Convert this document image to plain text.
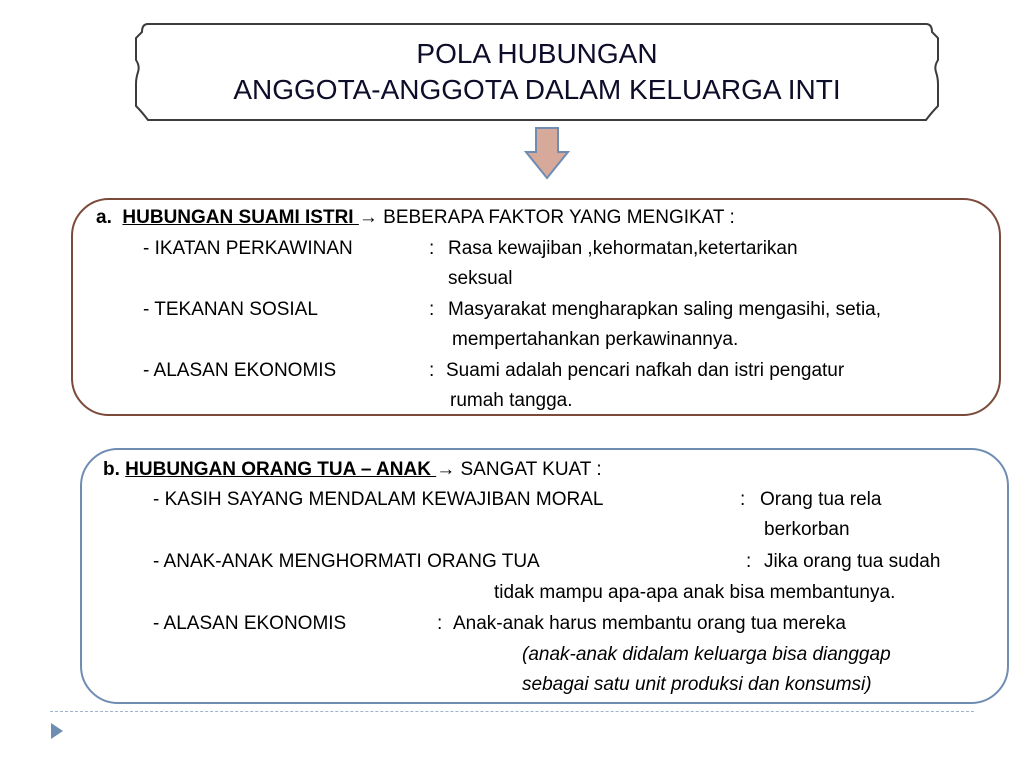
POLA HUBUNGAN
ANGGOTA-ANGGOTA DALAM KELUARGA INTI
a. HUBUNGAN SUAMI ISTRI → BEBERAPA FAKTOR YANG MENGIKAT :
- IKATAN PERKAWINAN	: Rasa kewajiban ,kehormatan,ketertarikan
seksual
- TEKANAN SOSIAL	: Masyarakat mengharapkan saling mengasihi, setia,
mempertahankan perkawinannya.
- ALASAN EKONOMIS	: Suami adalah pencari nafkah dan istri pengatur
rumah tangga.
b. HUBUNGAN ORANG TUA – ANAK → SANGAT KUAT :
- KASIH SAYANG MENDALAM KEWAJIBAN MORAL	: Orang tua rela
berkorban
- ANAK-ANAK MENGHORMATI ORANG TUA	: Jika orang tua sudah
tidak mampu apa-apa anak bisa membantunya.
- ALASAN EKONOMIS	: Anak-anak harus membantu orang tua mereka
(anak-anak didalam keluarga bisa dianggap
sebagai satu unit produksi dan konsumsi)
